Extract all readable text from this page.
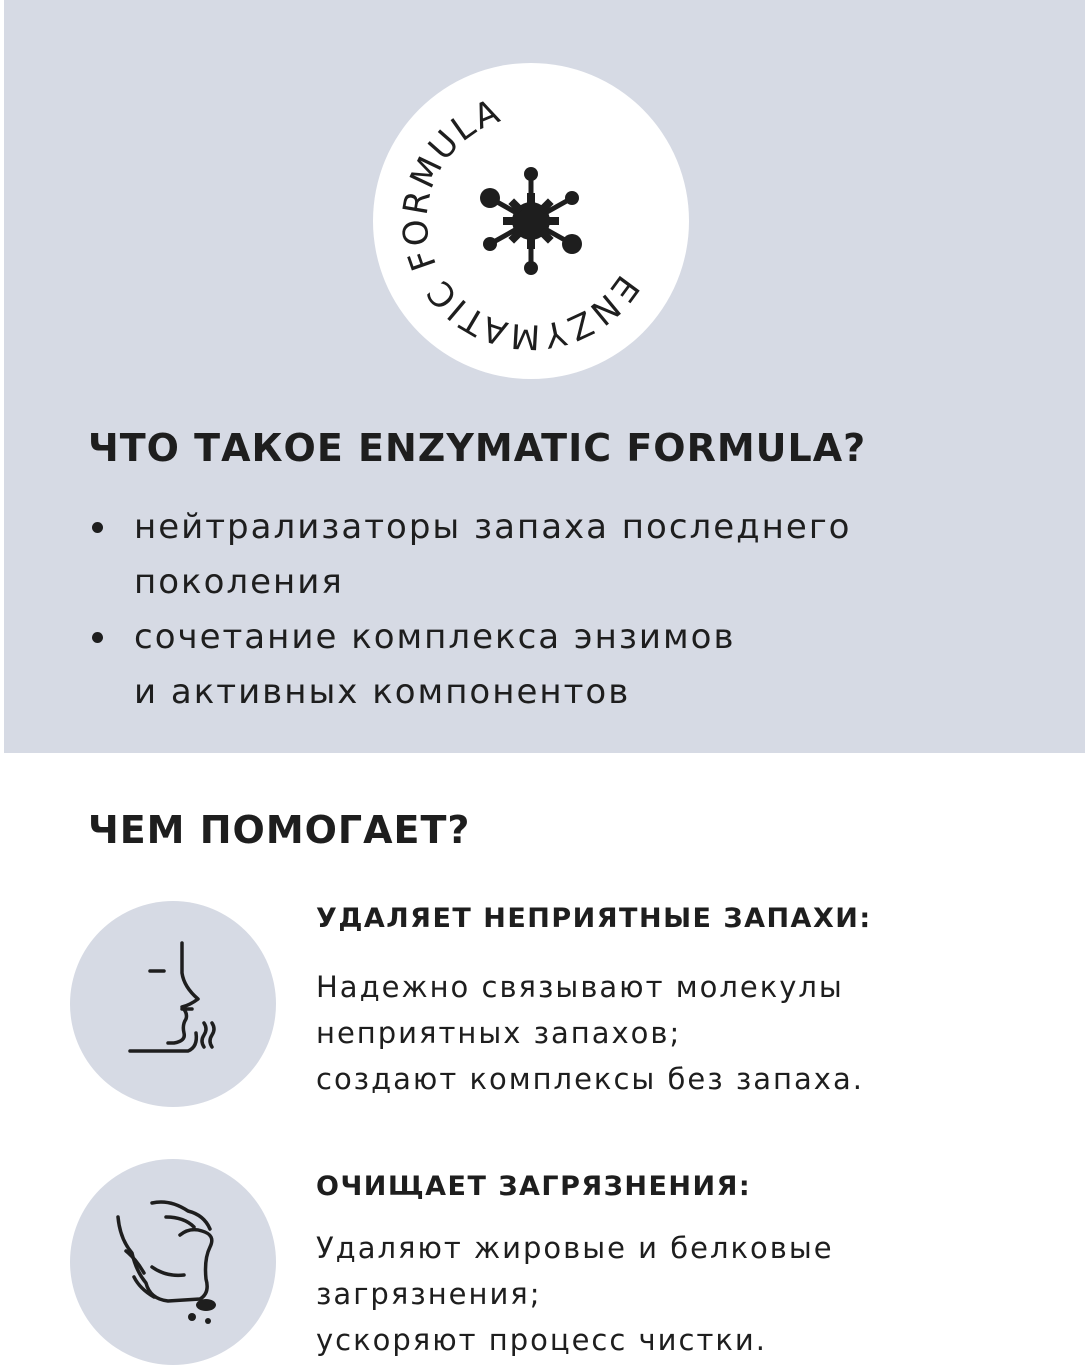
ENZYMATIC FORMULA
ЧТО ТАКОЕ ENZYMATIC FORMULA?
нейтрализаторы запаха последнего
поколения
сочетание комплекса энзимов
и активных компонентов
ЧЕМ ПОМОГАЕТ?
УДАЛЯЕТ НЕПРИЯТНЫЕ ЗАПАХИ:

Надежно связывают молекулы
неприятных запахов;
создают комплексы без запаха.

ОЧИЩАЕТ ЗАГРЯЗНЕНИЯ:

Удаляют жировые и белковые
загрязнения;
ускоряют процесс чистки.
